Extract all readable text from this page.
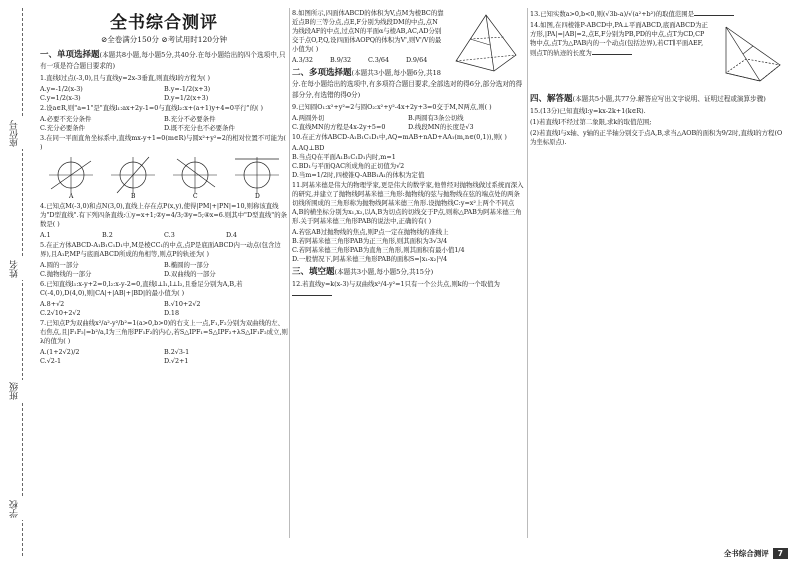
座位号
姓名
班级
学校
全书综合测评
⊘全卷满分150分 ⊘考试用时120分钟
一、单项选择题(本题共8小题,每小题5分,共40分.在每小题给出的四个选项中,只有一项是符合题目要求的)
1.直线l过点(-3,0),且与直线y=2x-3垂直,则直线l的方程为( )
A.y=-1/2(x-3)	B.y=-1/2(x+3)
C.y=1/2(x-3)	D.y=1/2(x+3)
2.设a∈R,则"a=1"是"直线l₁:ax+2y-1=0与直线l₂:x+(a+1)y+4=0平行"的( )
A.必要不充分条件	B.充分不必要条件
C.充分必要条件	D.既不充分也不必要条件
3.在同一平面直角坐标系中,直线mx-y+1=0(m∈R)与圆x²+y²=2的相对位置不可能为( )
A	B	C	D
4.已知点M(-3,0)和点N(3,0),直线上存在点P(x,y),使得|PM|+|PN|=10,则称该直线为"D型直线".有下列四条直线:①y=x+1;②y=4/3;③y=5;④x=6.则其中"D型直线"的条数是( )
A.1	B.2	C.3	D.4
5.在正方体ABCD-A₁B₁C₁D₁中,M是棱CC₁的中点,点P是底面ABCD内一动点(包含边界),且A₁P,MP与底面ABCD所成的角相等,则点P的轨迹为( )
A.圆的一部分	B.椭圆的一部分
C.抛物线的一部分	D.双曲线的一部分
6.已知直线l₁:x-y+2=0,l₂:x-y-2=0,直线l⊥l₁,l⊥l₂,且垂足分别为A,B,若C(-4,0),D(4,0),则|CA|+|AB|+|BD|的最小值为( )
A.8+√2	B.√10+2√2
C.2√10+2√2	D.18
7.已知点P为双曲线x²/a²-y²/b²=1(a>0,b>0)的右支上一点,F₁,F₂分别为双曲线的左、右焦点,且|F₁F₂|=b²/a,I为三角形PF₁F₂的内心,若S△IPF₁=S△IPF₂+λS△IF₁F₂成立,则λ的值为( )
A.(1+2√2)/2	B.2√3-1
C.√2-1	D.√2+1
8.如图所示,四面体ABCD的体积为V,点M为棱BC的靠近点B的三等分点,点E,F分别为线段DM的中点,点N为线段AF的中点,过点N的平面α与棱AB,AC,AD分别交于点O,P,Q,设四面体AOPQ的体积为V',则V'/V的最小值为( )
A.3/32	B.9/32	C.3/64	D.9/64
二、多项选择题(本题共3小题,每小题6分,共18分.在每小题给出的选项中,有多项符合题目要求,全部选对的得6分,部分选对的得部分分,有选错的得0分)
9.已知圆O₁:x²+y²=2与圆O₂:x²+y²-4x+2y+3=0交于M,N两点,则( )
A.两圆外切	B.两圆有3条公切线
C.直线MN的方程是4x-2y+5=0	D.线段MN的长度是√3
10.在正方体ABCD-A₁B₁C₁D₁中,AQ=mAB+nAD+AA₁(m,n∈(0,1)),则( )
A.AQ⊥BD
B.当点Q在平面A₁B₁C₁D₁内时,m=1
C.BD₁与平面QAC所成角的正切值为√2
D.当m=1/2时,四棱锥Q-ABB₁A₁的体积为定值
11.阿基米德是伟大的物理学家,更是伟大的数学家,他曾经对抛物线做过系统而深入的研究,并建立了抛物线阿基米德三角形:抛物线的弦与抛物线在弦的端点处的两条切线所围成的三角形称为抛物线阿基米德三角形.设抛物线C:y=x²上两个不同点A,B的横坐标分别为x₁,x₂,以A,B为切点的切线交于P点,则称△PAB为阿基米德三角形.关于阿基米德三角形PAB的说法中,正确的有( )
A.若弦AB过抛物线的焦点,则P点一定在抛物线的准线上
B.若阿基米德三角形PAB为正三角形,则其面积为3√3/4
C.若阿基米德三角形PAB为直角三角形,则其面积有最小值1/4
D.一般情况下,阿基米德三角形PAB的面积S=|x₁-x₂|³/4
三、填空题(本题共3小题,每小题5分,共15分)
12.若直线y=k(x-3)与双曲线x²/4-y²=1只有一个公共点,则k的一个取值为
13.已知实数a>0,b<0,则(√3b-a)/√(a²+b²)的取值范围是
14.如图,在四棱锥P-ABCD中,PA⊥平面ABCD,底面ABCD为正方形,|PA|=|AB|=2,点E,F分别为PB,PD的中点,点T为CD,CP物中点,点T为△PAB内的一个动点(包括边界),若CT∥平面AEF,则点T的轨迹的长度为
四、解答题(本题共5小题,共77分.解答应写出文字说明、证明过程或演算步骤)
15.(13分)已知直线l:y=kx-2k+1(k∈R).
(1)若直线l不经过第二象限,求k的取值范围;
(2)若直线l与x轴、y轴的正半轴分别交于点A,B,求当△AOB的面积为9/2时,直线l的方程(O为坐标原点).
全书综合测评	7
